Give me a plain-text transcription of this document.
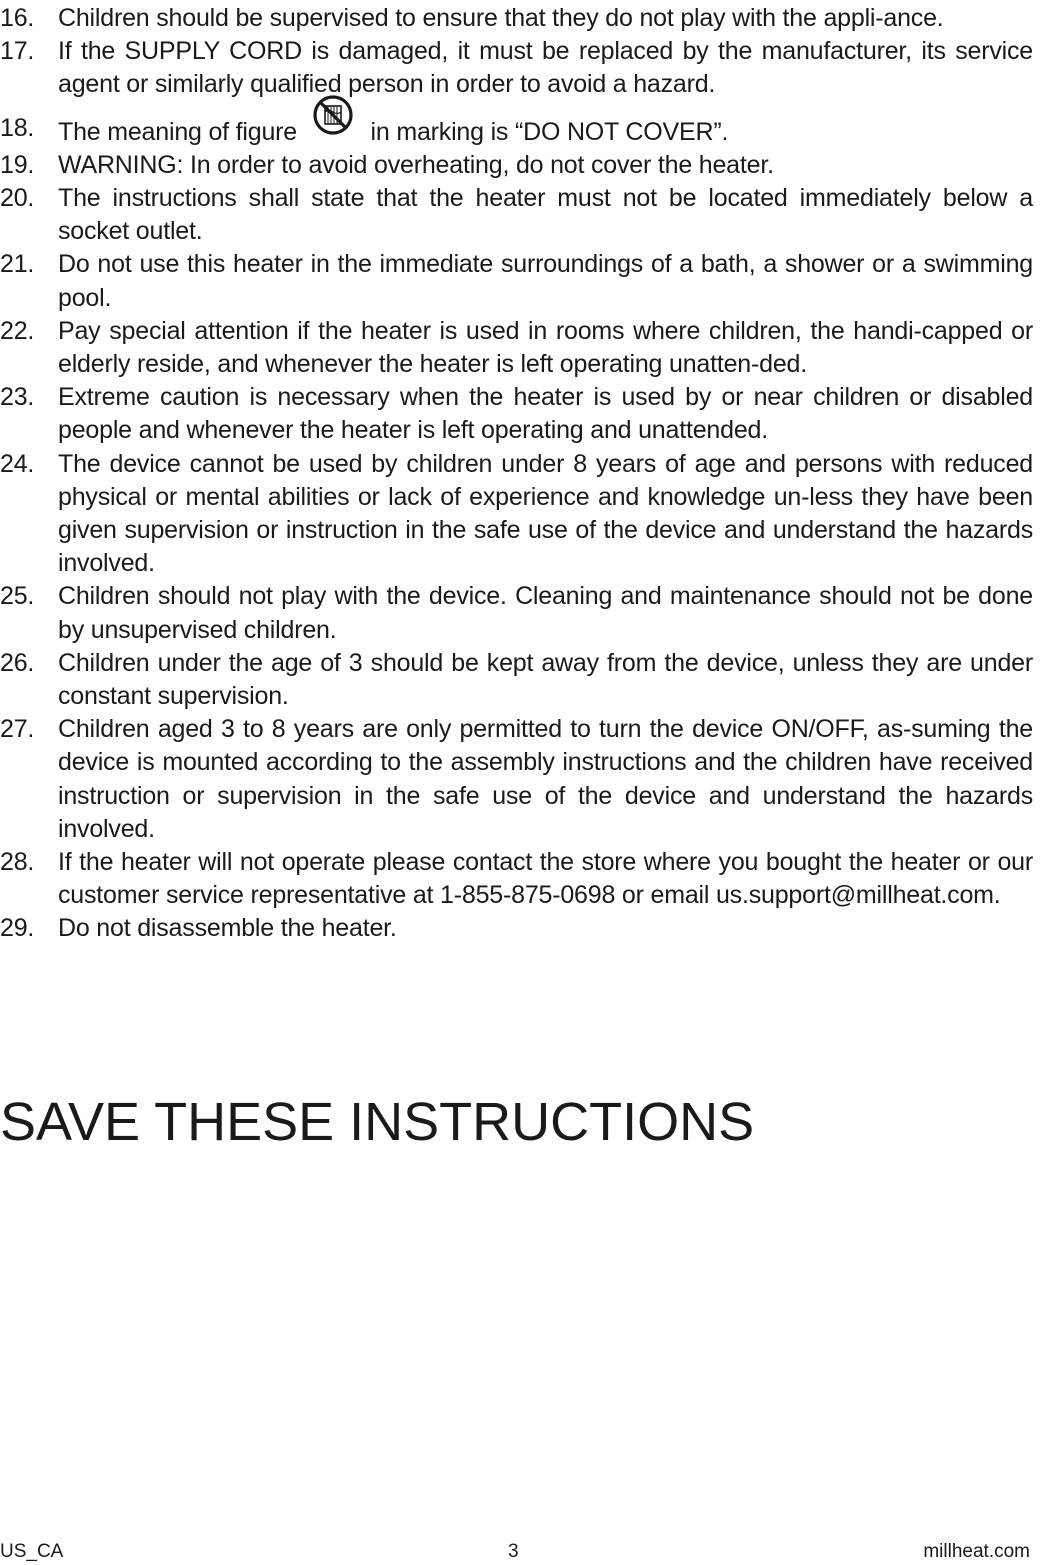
16. Children should be supervised to ensure that they do not play with the appli-ance.
17. If the SUPPLY CORD is damaged, it must be replaced by the manufacturer, its service agent or similarly qualified person in order to avoid a hazard.
18. The meaning of figure	in marking is “DO NOT COVER”.
19. WARNING: In order to avoid overheating, do not cover the heater.
20. The instructions shall state that the heater must not be located immediately below a socket outlet.
21. Do not use this heater in the immediate surroundings of a bath, a shower or a swimming pool.
22. Pay special attention if the heater is used in rooms where children, the handi-capped or elderly reside, and whenever the heater is left operating unatten-ded.
23. Extreme caution is necessary when the heater is used by or near children or disabled people and whenever the heater is left operating and unattended.
24. The device cannot be used by children under 8 years of age and persons with reduced physical or mental abilities or lack of experience and knowledge un-less they have been given supervision or instruction in the safe use of the device and understand the hazards involved.
25. Children should not play with the device. Cleaning and maintenance should not be done by unsupervised children.
26. Children under the age of 3 should be kept away from the device, unless they are under constant supervision.
27. Children aged 3 to 8 years are only permitted to turn the device ON/OFF, as-suming the device is mounted according to the assembly instructions and the children have received instruction or supervision in the safe use of the device and understand the hazards involved.
28. If the heater will not operate please contact the store where you bought the heater or our customer service representative at 1-855-875-0698 or email us.support@millheat.com.
29. Do not disassemble the heater.
SAVE THESE INSTRUCTIONS
US_CA	3	millheat.com
